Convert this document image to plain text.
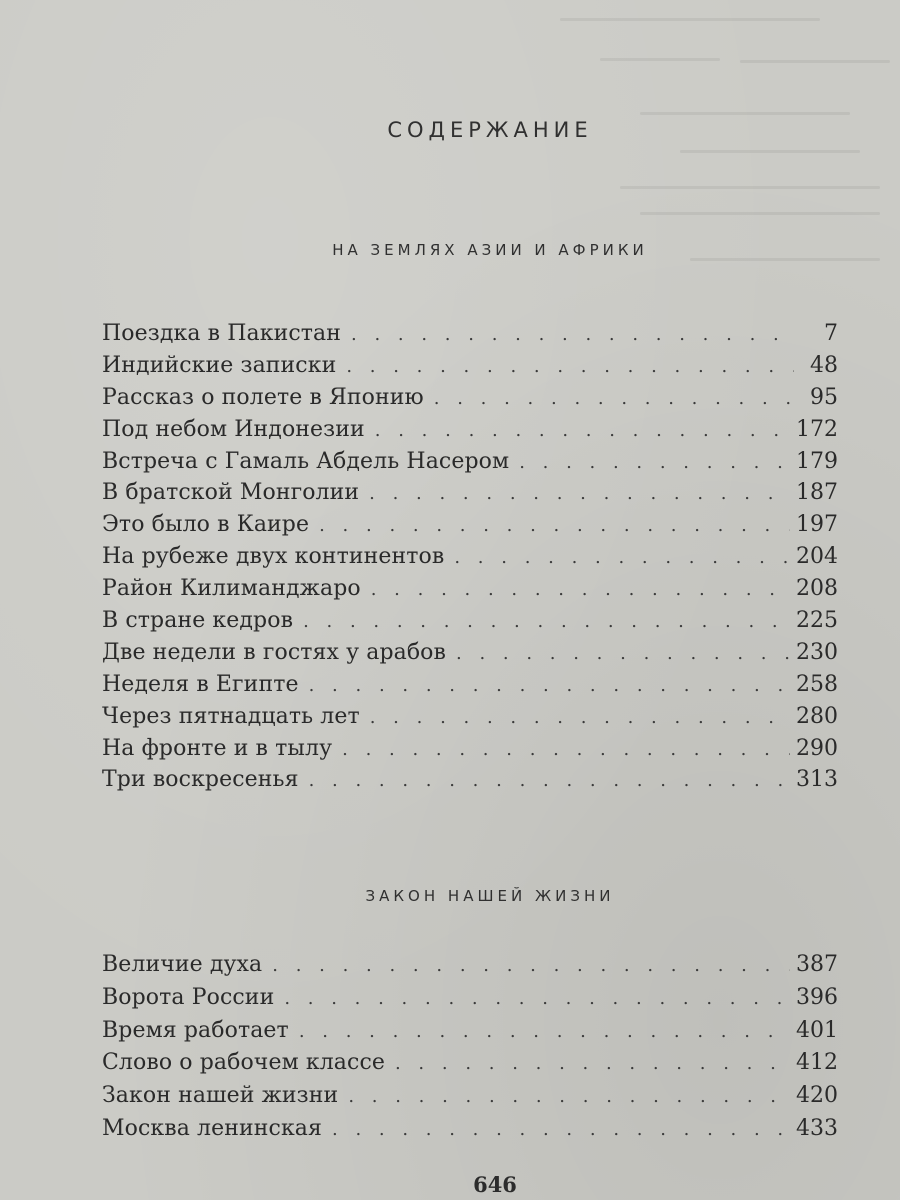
СОДЕРЖАНИЕ
НА ЗЕМЛЯХ АЗИИ И АФРИКИ
Поездка в Пакистан . . .	7
Индийские записки . . .	48
Рассказ о полете в Японию . . .	95
Под небом Индонезии . . .	172
Встреча с Гамаль Абдель Насером . . .	179
В братской Монголии . . .	187
Это было в Каире . . .	197
На рубеже двух континентов . . .	204
Район Килиманджаро . . .	208
В стране кедров . . .	225
Две недели в гостях у арабов . . .	230
Неделя в Египте . . .	258
Через пятнадцать лет . . .	280
На фронте и в тылу . . .	290
Три воскресенья . . .	313
ЗАКОН НАШЕЙ ЖИЗНИ
Величие духа . . .	387
Ворота России . . .	396
Время работает . . .	401
Слово о рабочем классе . . .	412
Закон нашей жизни . . .	420
Москва ленинская . . .	433
646
